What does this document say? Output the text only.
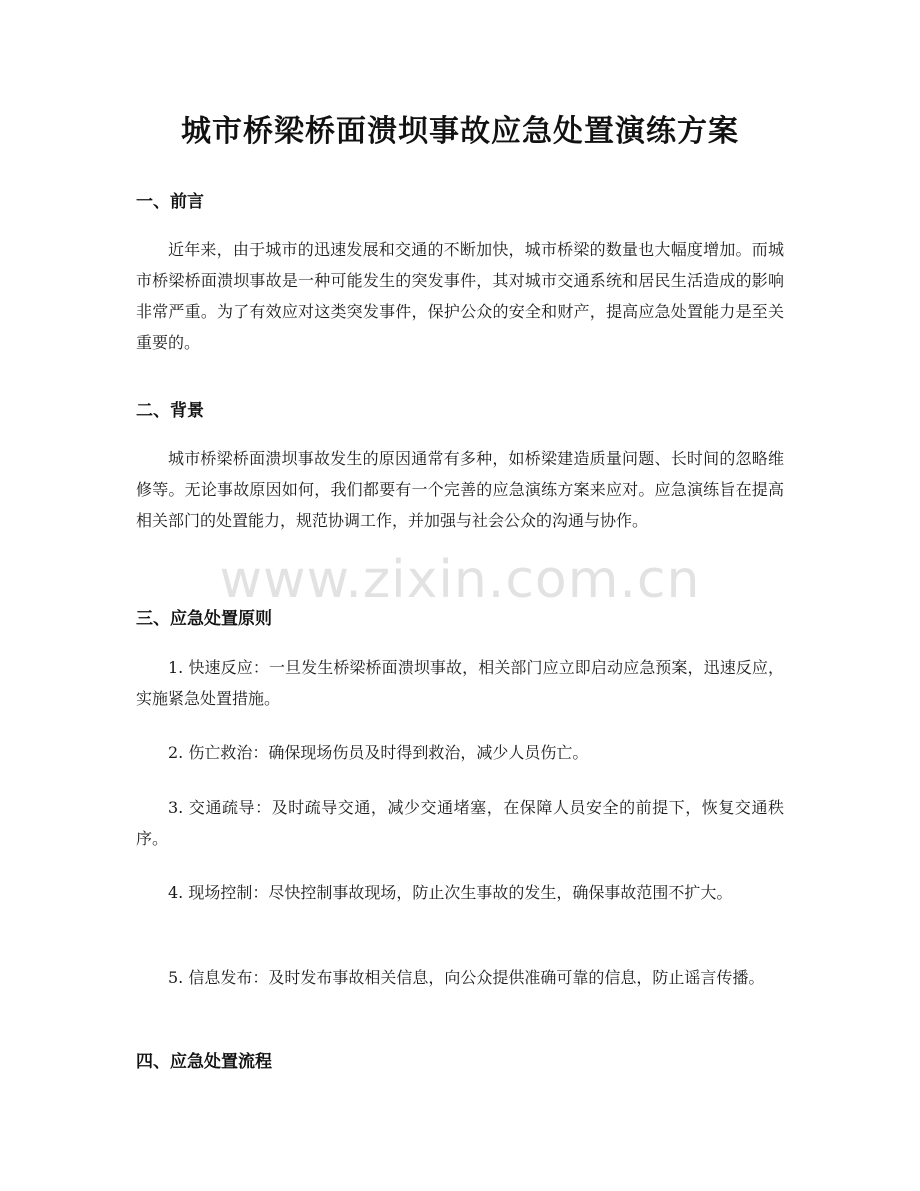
www.zixin.com.cn
城市桥梁桥面溃坝事故应急处置演练方案
一、前言
近年来，由于城市的迅速发展和交通的不断加快，城市桥梁的数量也大幅度增加。而城市桥梁桥面溃坝事故是一种可能发生的突发事件，其对城市交通系统和居民生活造成的影响非常严重。为了有效应对这类突发事件，保护公众的安全和财产，提高应急处置能力是至关重要的。
二、背景
城市桥梁桥面溃坝事故发生的原因通常有多种，如桥梁建造质量问题、长时间的忽略维修等。无论事故原因如何，我们都要有一个完善的应急演练方案来应对。应急演练旨在提高相关部门的处置能力，规范协调工作，并加强与社会公众的沟通与协作。
三、应急处置原则
1. 快速反应：一旦发生桥梁桥面溃坝事故，相关部门应立即启动应急预案，迅速反应，实施紧急处置措施。
2. 伤亡救治：确保现场伤员及时得到救治，减少人员伤亡。
3. 交通疏导：及时疏导交通，减少交通堵塞，在保障人员安全的前提下，恢复交通秩序。
4. 现场控制：尽快控制事故现场，防止次生事故的发生，确保事故范围不扩大。
5. 信息发布：及时发布事故相关信息，向公众提供准确可靠的信息，防止谣言传播。
四、应急处置流程
